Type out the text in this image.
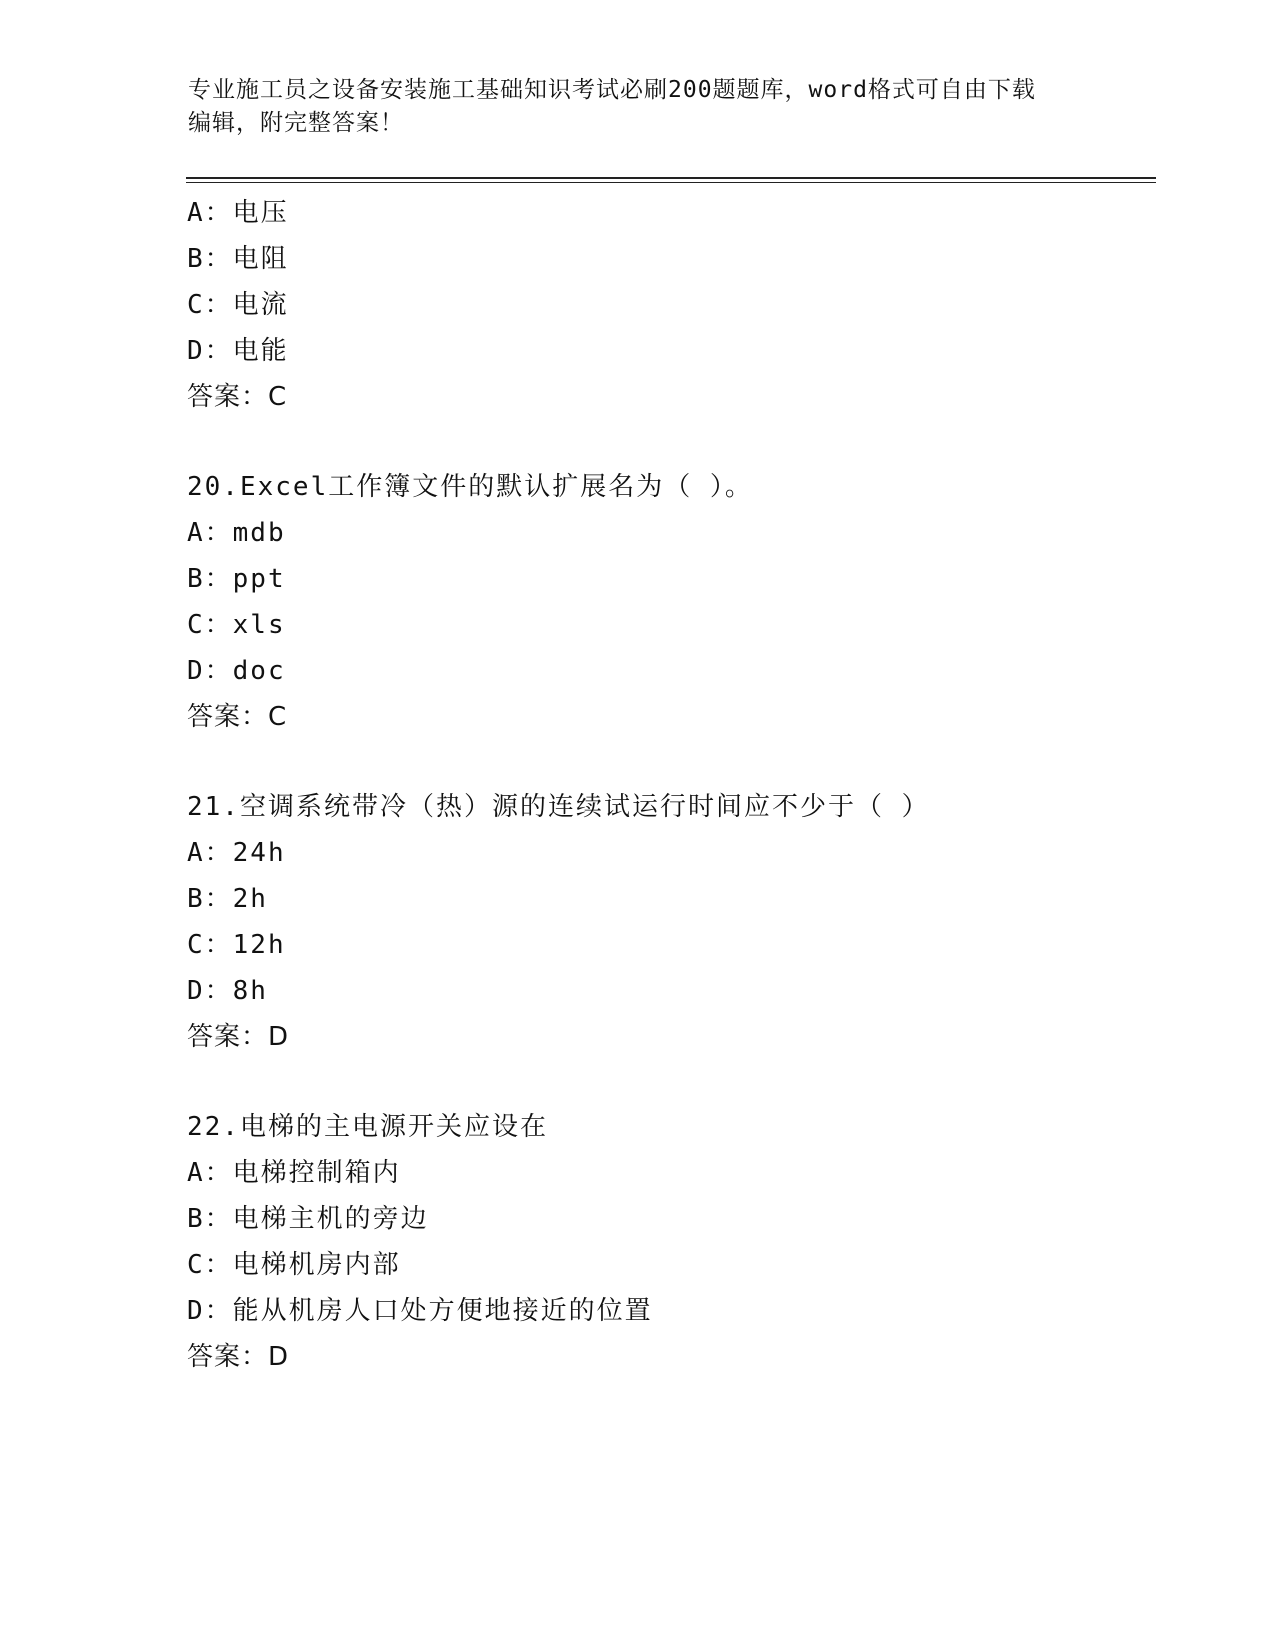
专业施工员之设备安装施工基础知识考试必刷200题题库，word格式可自由下载
编辑，附完整答案！
A：电压
B：电阻
C：电流
D：电能
答案：C
20.Excel工作簿文件的默认扩展名为（ ）。
A：mdb
B：ppt
C：xls
D：doc
答案：C
21.空调系统带冷（热）源的连续试运行时间应不少于（ ）
A：24h
B：2h
C：12h
D：8h
答案：D
22.电梯的主电源开关应设在
A：电梯控制箱内
B：电梯主机的旁边
C：电梯机房内部
D：能从机房人口处方便地接近的位置
答案：D
